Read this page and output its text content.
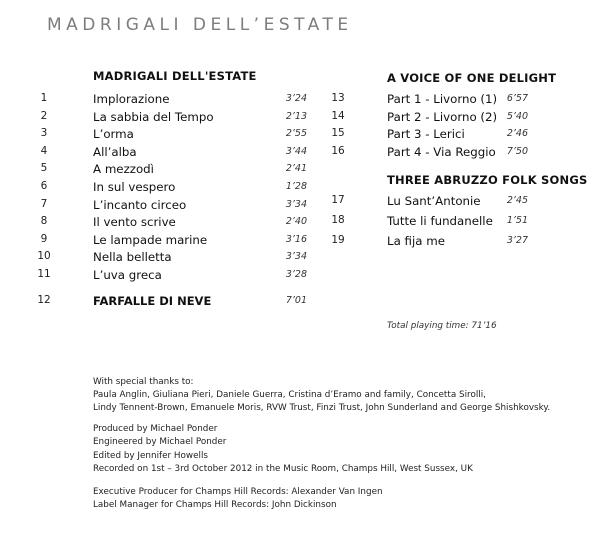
MADRIGALI DELL’ESTATE
MADRIGALI DELL'ESTATE
1	Implorazione	3’24
2	La sabbia del Tempo	2’13
3	L’orma	2’55
4	All’alba	3’44
5	A mezzodì	2’41
6	In sul vespero	1’28
7	L’incanto circeo	3’34
8	Il vento scrive	2’40
9	Le lampade marine	3’16
10	Nella belletta	3’34
11	L’uva greca	3’28
12	FARFALLE DI NEVE	7’01
A VOICE OF ONE DELIGHT
13	Part 1 - Livorno (1)	6’57
14	Part 2 - Livorno (2)	5’40
15	Part 3 - Lerici	2’46
16	Part 4 - Via Reggio	7’50
THREE ABRUZZO FOLK SONGS
17	Lu Sant’Antonie	2’45
18	Tutte li fundanelle	1’51
19	La fija me	3’27
Total playing time: 71’16
With special thanks to:
Paula Anglin, Giuliana Pieri, Daniele Guerra, Cristina d’Eramo and family, Concetta Sirolli,
Lindy Tennent-Brown, Emanuele Moris, RVW Trust, Finzi Trust, John Sunderland and George Shishkovsky.
Produced by Michael Ponder
Engineered by Michael Ponder
Edited by Jennifer Howells
Recorded on 1st – 3rd October 2012 in the Music Room, Champs Hill, West Sussex, UK
Executive Producer for Champs Hill Records: Alexander Van Ingen
Label Manager for Champs Hill Records: John Dickinson
